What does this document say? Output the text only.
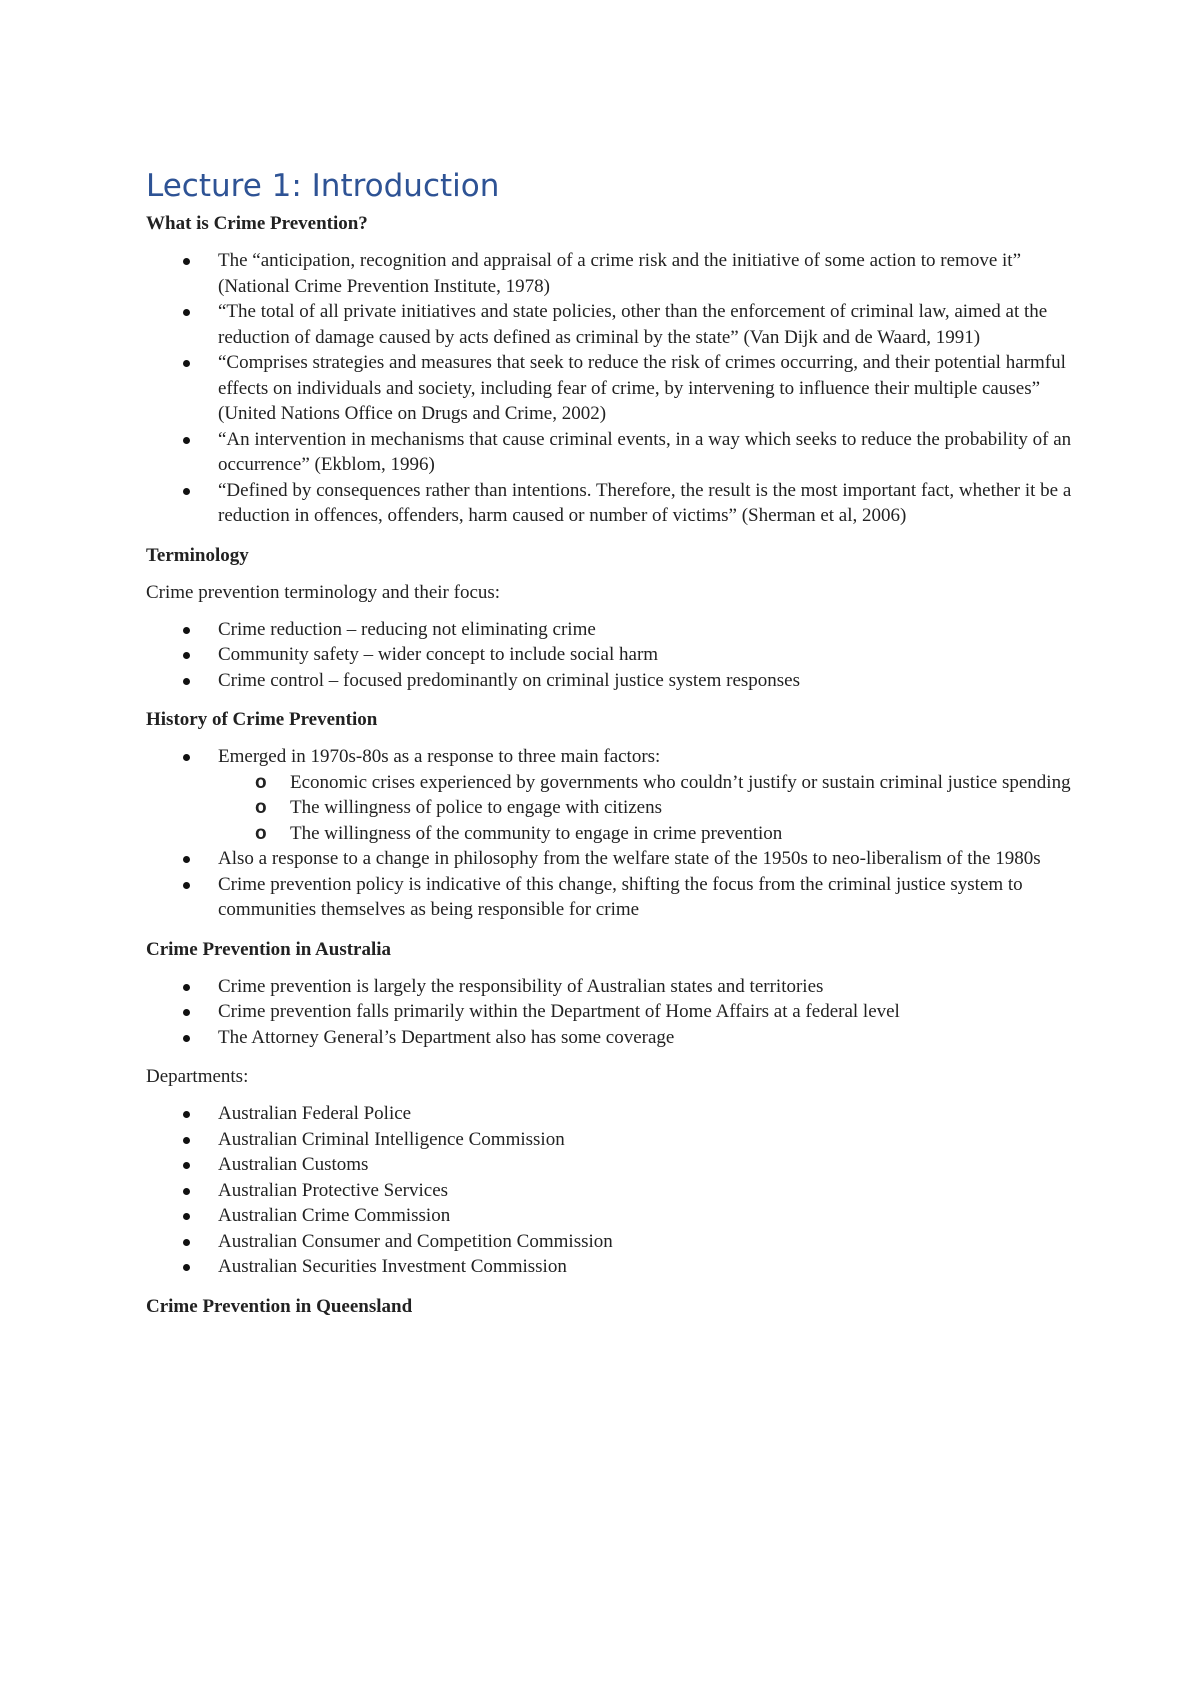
Lecture 1: Introduction
What is Crime Prevention?
The “anticipation, recognition and appraisal of a crime risk and the initiative of some action to remove it” (National Crime Prevention Institute, 1978)
“The total of all private initiatives and state policies, other than the enforcement of criminal law, aimed at the reduction of damage caused by acts defined as criminal by the state” (Van Dijk and de Waard, 1991)
“Comprises strategies and measures that seek to reduce the risk of crimes occurring, and their potential harmful effects on individuals and society, including fear of crime, by intervening to influence their multiple causes” (United Nations Office on Drugs and Crime, 2002)
“An intervention in mechanisms that cause criminal events, in a way which seeks to reduce the probability of an occurrence” (Ekblom, 1996)
“Defined by consequences rather than intentions. Therefore, the result is the most important fact, whether it be a reduction in offences, offenders, harm caused or number of victims” (Sherman et al, 2006)
Terminology
Crime prevention terminology and their focus:
Crime reduction – reducing not eliminating crime
Community safety – wider concept to include social harm
Crime control – focused predominantly on criminal justice system responses
History of Crime Prevention
Emerged in 1970s-80s as a response to three main factors:
o Economic crises experienced by governments who couldn’t justify or sustain criminal justice spending
o The willingness of police to engage with citizens
o The willingness of the community to engage in crime prevention
Also a response to a change in philosophy from the welfare state of the 1950s to neo-liberalism of the 1980s
Crime prevention policy is indicative of this change, shifting the focus from the criminal justice system to communities themselves as being responsible for crime
Crime Prevention in Australia
Crime prevention is largely the responsibility of Australian states and territories
Crime prevention falls primarily within the Department of Home Affairs at a federal level
The Attorney General’s Department also has some coverage
Departments:
Australian Federal Police
Australian Criminal Intelligence Commission
Australian Customs
Australian Protective Services
Australian Crime Commission
Australian Consumer and Competition Commission
Australian Securities Investment Commission
Crime Prevention in Queensland
